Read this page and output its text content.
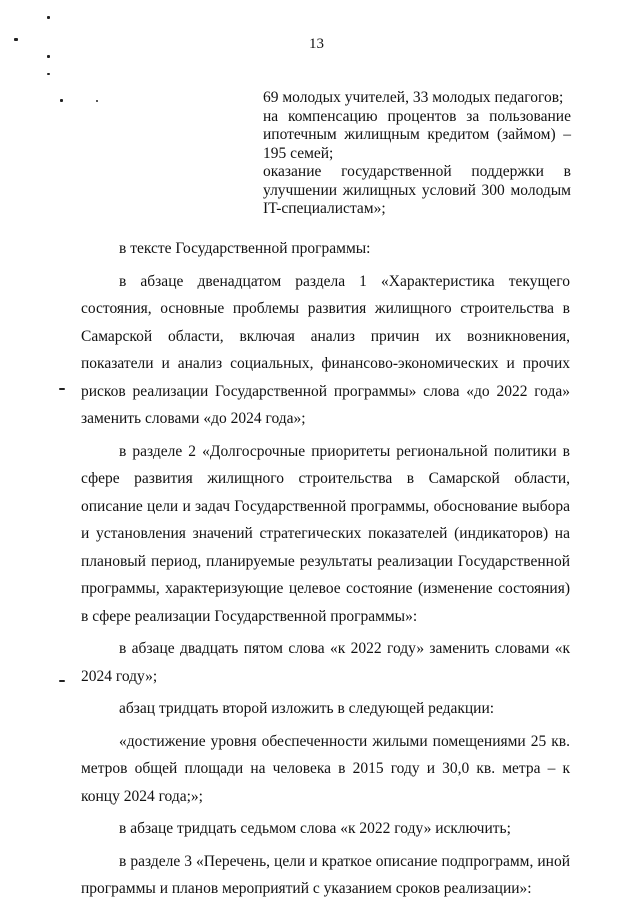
13
69 молодых учителей, 33 молодых педагогов;
на компенсацию процентов за пользование
ипотечным жилищным кредитом (займом) –
195 семей;
оказание государственной поддержки в
улучшении жилищных условий 300 молодым
IT-специалистам»;

в тексте Государственной программы:

в абзаце двенадцатом раздела 1 «Характеристика текущего состояния, основные проблемы развития жилищного строительства в Самарской области, включая анализ причин их возникновения, показатели и анализ социальных, финансово-экономических и прочих рисков реализации Государственной программы» слова «до 2022 года» заменить словами «до 2024 года»;

в разделе 2 «Долгосрочные приоритеты региональной политики в сфере развития жилищного строительства в Самарской области, описание цели и задач Государственной программы, обоснование выбора и установления значений стратегических показателей (индикаторов) на плановый период, планируемые результаты реализации Государственной программы, характеризующие целевое состояние (изменение состояния) в сфере реализации Государственной программы»:

в абзаце двадцать пятом слова «к 2022 году» заменить словами «к 2024 году»;

абзац тридцать второй изложить в следующей редакции:

«достижение уровня обеспеченности жилыми помещениями 25 кв. метров общей площади на человека в 2015 году и 30,0 кв. метра – к концу 2024 года;»;

в абзаце тридцать седьмом слова «к 2022 году» исключить;

в разделе 3 «Перечень, цели и краткое описание подпрограмм, иной программы и планов мероприятий с указанием сроков реализации»:
